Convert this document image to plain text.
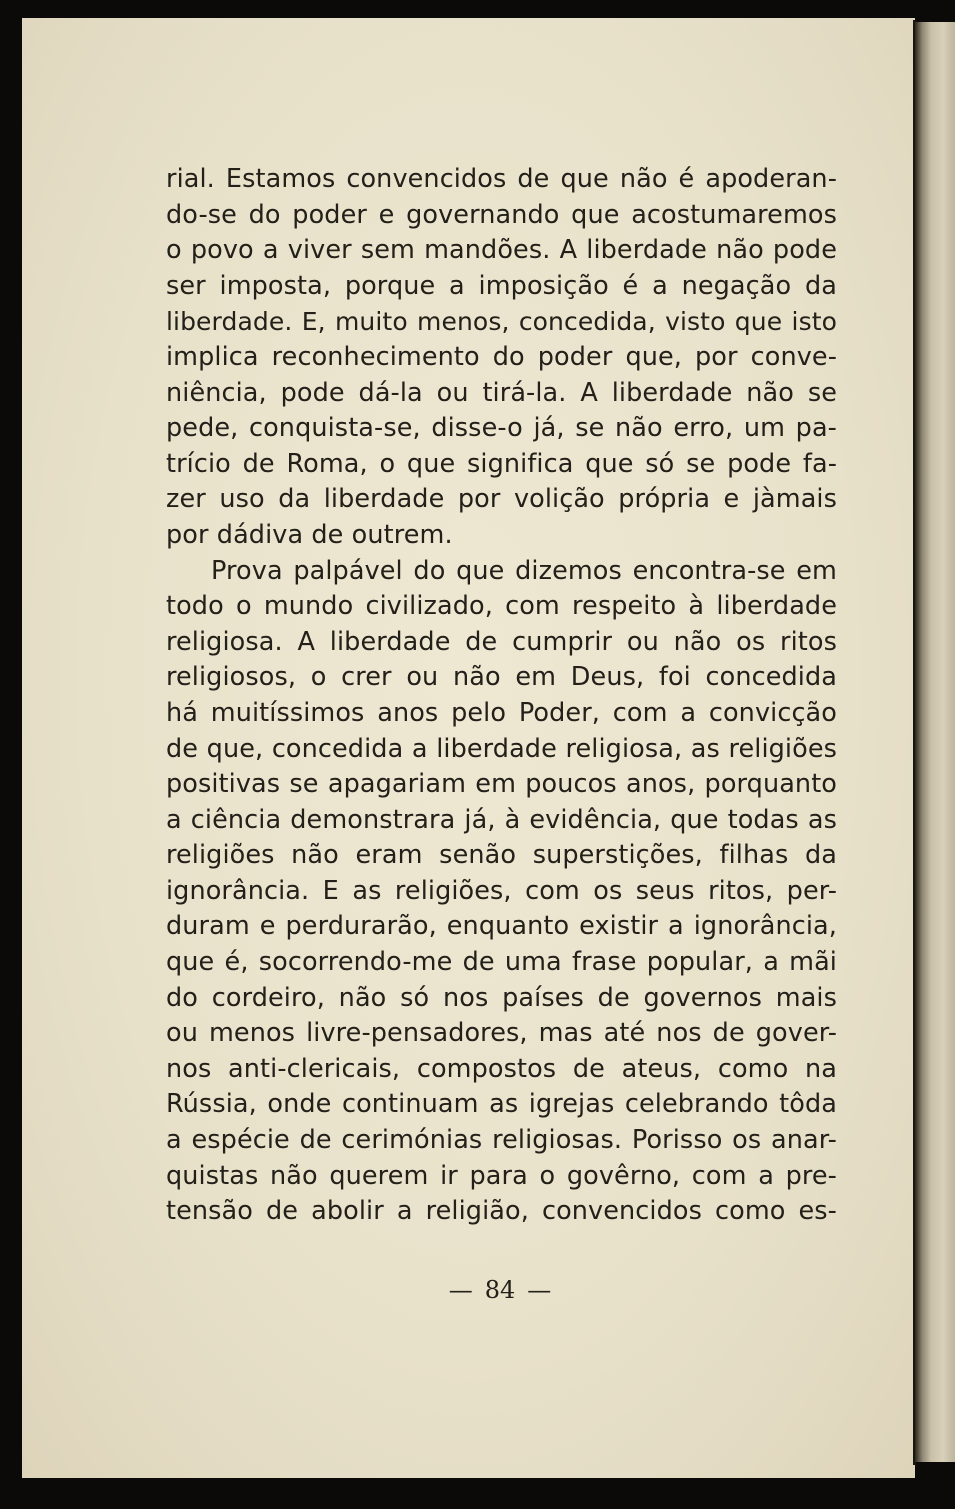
rial. Estamos convencidos de que não é apoderan-
do-se do poder e governando que acostumaremos
o povo a viver sem mandões. A liberdade não pode
ser imposta, porque a imposição é a negação da
liberdade. E, muito menos, concedida, visto que isto
implica reconhecimento do poder que, por conve-
niência, pode dá-la ou tirá-la. A liberdade não se
pede, conquista-se, disse-o já, se não erro, um pa-
trício de Roma, o que significa que só se pode fa-
zer uso da liberdade por volição própria e jàmais
por dádiva de outrem.
Prova palpável do que dizemos encontra-se em
todo o mundo civilizado, com respeito à liberdade
religiosa. A liberdade de cumprir ou não os ritos
religiosos, o crer ou não em Deus, foi concedida
há muitíssimos anos pelo Poder, com a convicção
de que, concedida a liberdade religiosa, as religiões
positivas se apagariam em poucos anos, porquanto
a ciência demonstrara já, à evidência, que todas as
religiões não eram senão superstições, filhas da
ignorância. E as religiões, com os seus ritos, per-
duram e perdurarão, enquanto existir a ignorância,
que é, socorrendo-me de uma frase popular, a mãi
do cordeiro, não só nos países de governos mais
ou menos livre-pensadores, mas até nos de gover-
nos anti-clericais, compostos de ateus, como na
Rússia, onde continuam as igrejas celebrando tôda
a espécie de cerimónias religiosas. Porisso os anar-
quistas não querem ir para o govêrno, com a pre-
tensão de abolir a religião, convencidos como es-
— 84 —
